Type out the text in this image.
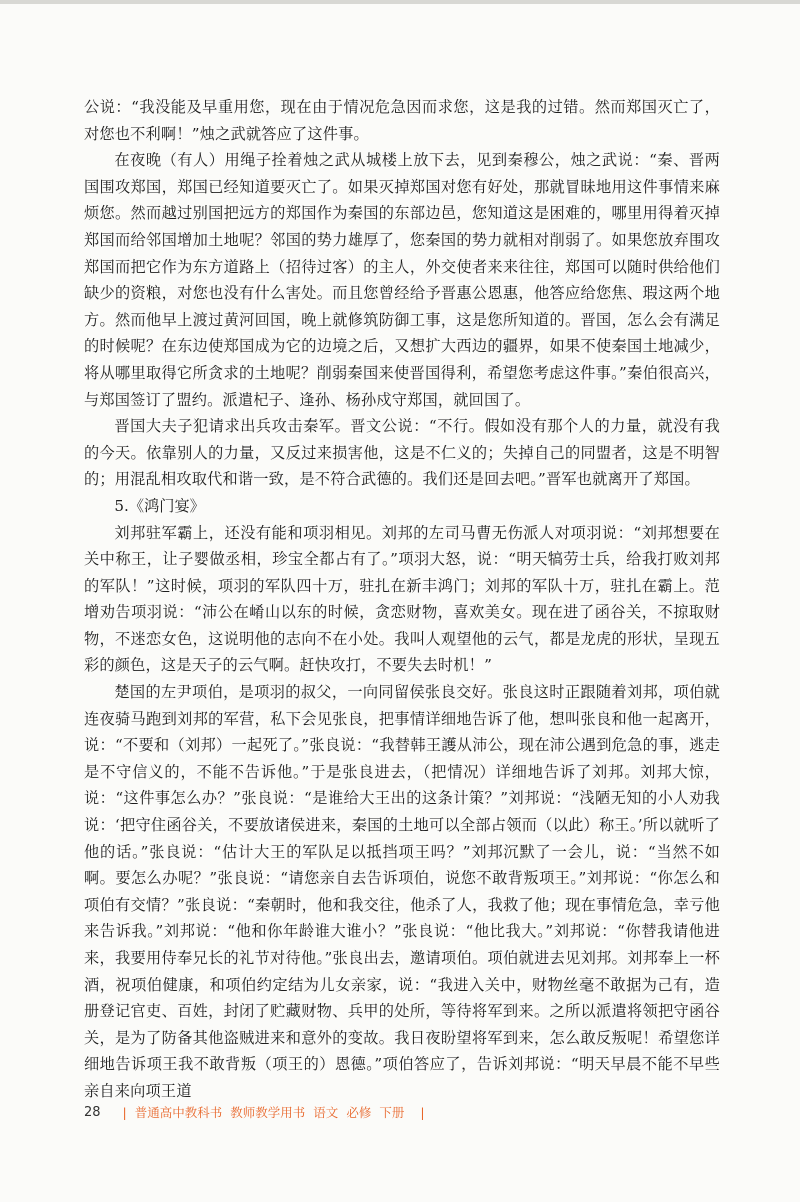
公说：“我没能及早重用您，现在由于情况危急因而求您，这是我的过错。然而郑国灭亡了，对您也不利啊！”烛之武就答应了这件事。

在夜晚（有人）用绳子拴着烛之武从城楼上放下去，见到秦穆公，烛之武说：“秦、晋两国围攻郑国，郑国已经知道要灭亡了。如果灭掉郑国对您有好处，那就冒昧地用这件事情来麻烦您。然而越过别国把远方的郑国作为秦国的东部边邑，您知道这是困难的，哪里用得着灭掉郑国而给邻国增加土地呢？邻国的势力雄厚了，您秦国的势力就相对削弱了。如果您放弃围攻郑国而把它作为东方道路上（招待过客）的主人，外交使者来来往往，郑国可以随时供给他们缺少的资粮，对您也没有什么害处。而且您曾经给予晋惠公恩惠，他答应给您焦、瑕这两个地方。然而他早上渡过黄河回国，晚上就修筑防御工事，这是您所知道的。晋国，怎么会有满足的时候呢？在东边使郑国成为它的边境之后，又想扩大西边的疆界，如果不使秦国土地减少，将从哪里取得它所贪求的土地呢？削弱秦国来使晋国得利，希望您考虑这件事。”秦伯很高兴，与郑国签订了盟约。派遣杞子、逢孙、杨孙戍守郑国，就回国了。

晋国大夫子犯请求出兵攻击秦军。晋文公说：“不行。假如没有那个人的力量，就没有我的今天。依靠别人的力量，又反过来损害他，这是不仁义的；失掉自己的同盟者，这是不明智的；用混乱相攻取代和谐一致，是不符合武德的。我们还是回去吧。”晋军也就离开了郑国。

5.《鸿门宴》

刘邦驻军霸上，还没有能和项羽相见。刘邦的左司马曹无伤派人对项羽说：“刘邦想要在关中称王，让子婴做丞相，珍宝全都占有了。”项羽大怒，说：“明天犒劳士兵，给我打败刘邦的军队！”这时候，项羽的军队四十万，驻扎在新丰鸿门；刘邦的军队十万，驻扎在霸上。范增劝告项羽说：“沛公在崤山以东的时候，贪恋财物，喜欢美女。现在进了函谷关，不掠取财物，不迷恋女色，这说明他的志向不在小处。我叫人观望他的云气，都是龙虎的形状，呈现五彩的颜色，这是天子的云气啊。赶快攻打，不要失去时机！”

楚国的左尹项伯，是项羽的叔父，一向同留侯张良交好。张良这时正跟随着刘邦，项伯就连夜骑马跑到刘邦的军营，私下会见张良，把事情详细地告诉了他，想叫张良和他一起离开，说：“不要和（刘邦）一起死了。”张良说：“我替韩王護从沛公，现在沛公遇到危急的事，逃走是不守信义的，不能不告诉他。”于是张良进去，（把情况）详细地告诉了刘邦。刘邦大惊，说：“这件事怎么办？”张良说：“是谁给大王出的这条计策？”刘邦说：“浅陋无知的小人劝我说：‘把守住函谷关，不要放诸侯进来，秦国的土地可以全部占领而（以此）称王。’所以就听了他的话。”张良说：“估计大王的军队足以抵挡项王吗？”刘邦沉默了一会儿，说：“当然不如啊。要怎么办呢？”张良说：“请您亲自去告诉项伯，说您不敢背叛项王。”刘邦说：“你怎么和项伯有交情？”张良说：“秦朝时，他和我交往，他杀了人，我救了他；现在事情危急，幸亏他来告诉我。”刘邦说：“他和你年龄谁大谁小？”张良说：“他比我大。”刘邦说：“你替我请他进来，我要用侍奉兄长的礼节对待他。”张良出去，邀请项伯。项伯就进去见刘邦。刘邦奉上一杯酒，祝项伯健康，和项伯约定结为儿女亲家，说：“我进入关中，财物丝毫不敢据为己有，造册登记官吏、百姓，封闭了贮藏财物、兵甲的处所，等待将军到来。之所以派遣将领把守函谷关，是为了防备其他盗贼进来和意外的变故。我日夜盼望将军到来，怎么敢反叛呢！希望您详细地告诉项王我不敢背叛（项王的）恩德。”项伯答应了，告诉刘邦说：“明天早晨不能不早些亲自来向项王道

28 | 普通高中教科书 教师教学用书 语文 必修 下册 |
